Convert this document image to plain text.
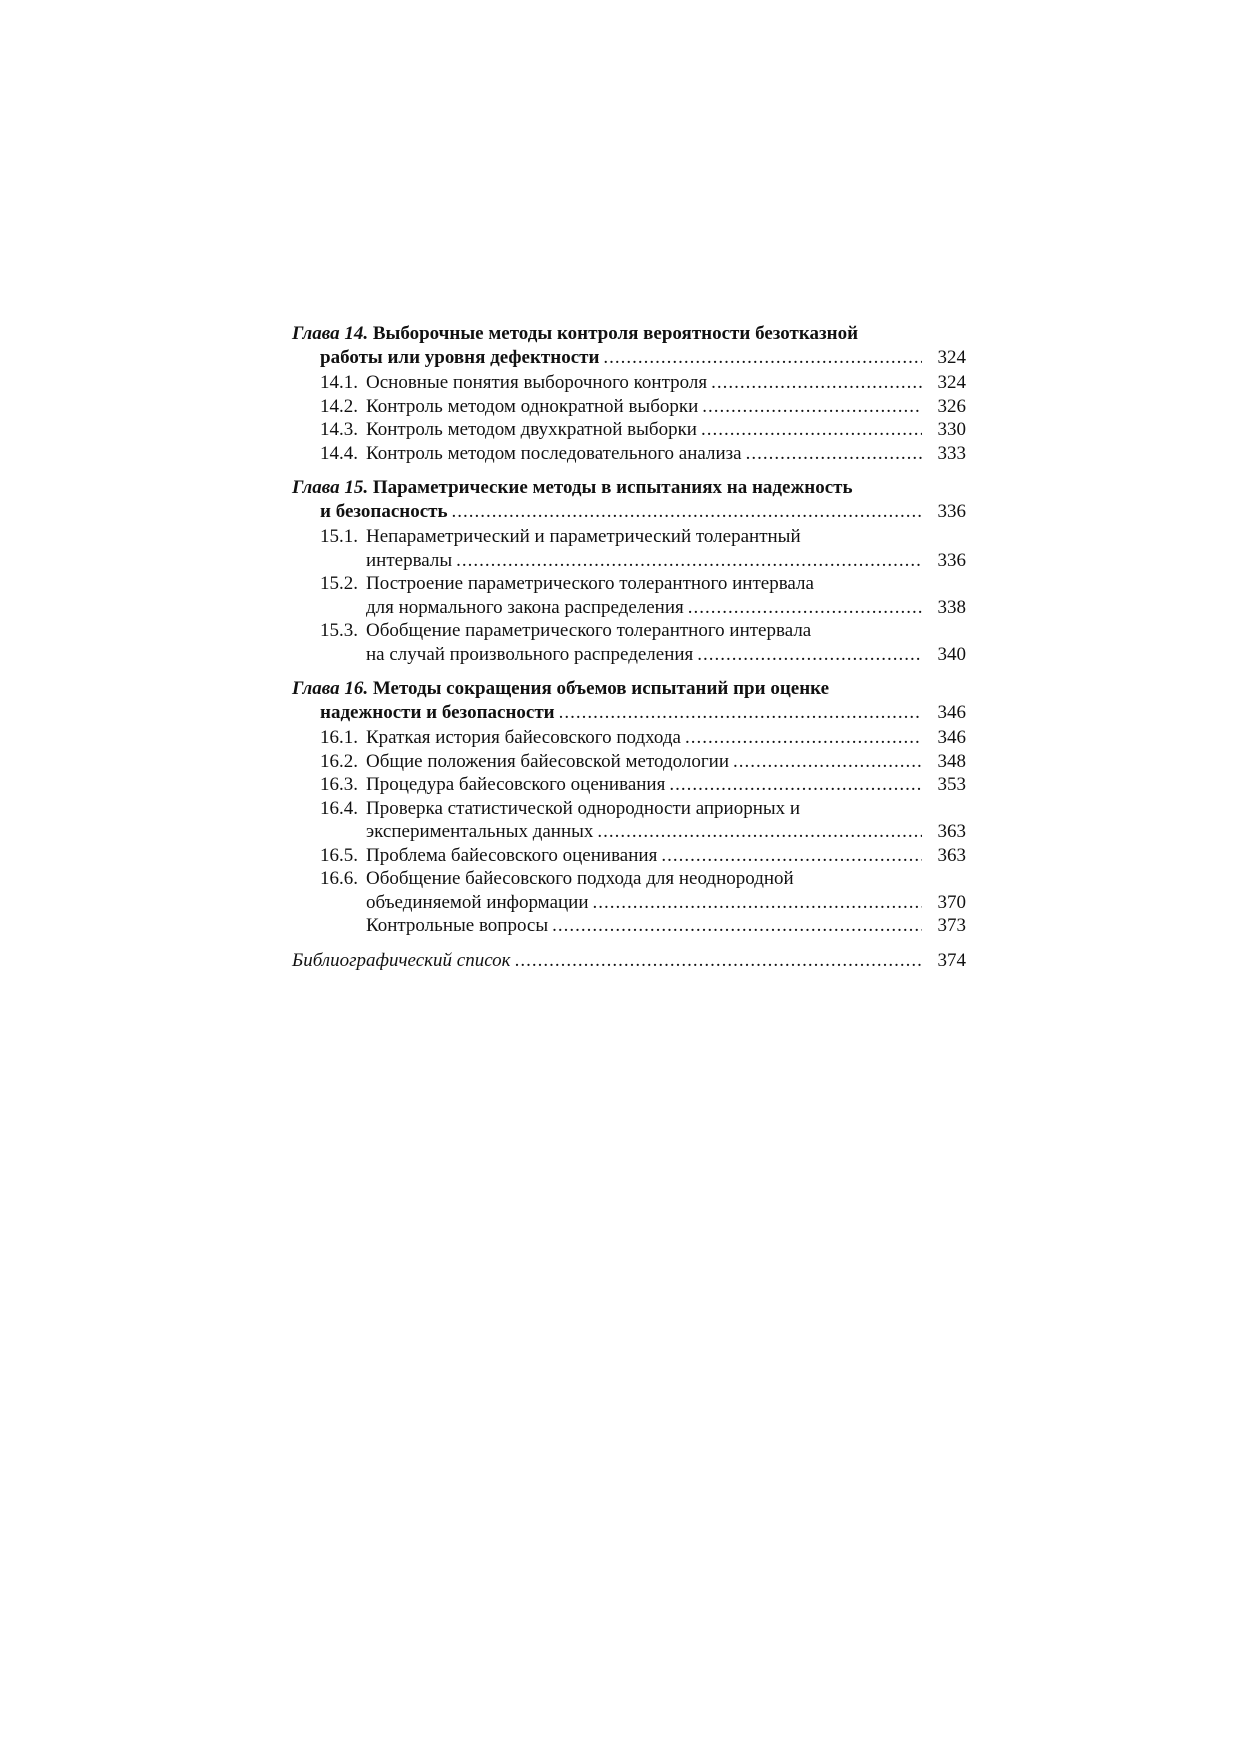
Глава 14. Выборочные методы контроля вероятности безотказной
работы или уровня дефектности .....	324
14.1. Основные понятия выборочного контроля .....	324
14.2. Контроль методом однократной выборки .....	326
14.3. Контроль методом двухкратной выборки .....	330
14.4. Контроль методом последовательного анализа .....	333
Глава 15. Параметрические методы в испытаниях на надежность
и безопасность .....	336
15.1. Непараметрический и параметрический толерантный
интервалы .....	336
15.2. Построение параметрического толерантного интервала
для нормального закона распределения .....	338
15.3. Обобщение параметрического толерантного интервала
на случай произвольного распределения .....	340
Глава 16. Методы сокращения объемов испытаний при оценке
надежности и безопасности .....	346
16.1. Краткая история байесовского подхода .....	346
16.2. Общие положения байесовской методологии .....	348
16.3. Процедура байесовского оценивания .....	353
16.4. Проверка статистической однородности априорных и
экспериментальных данных .....	363
16.5. Проблема байесовского оценивания .....	363
16.6. Обобщение байесовского подхода для неоднородной
объединяемой информации .....	370
Контрольные вопросы .....	373
Библиографический список .....	374
